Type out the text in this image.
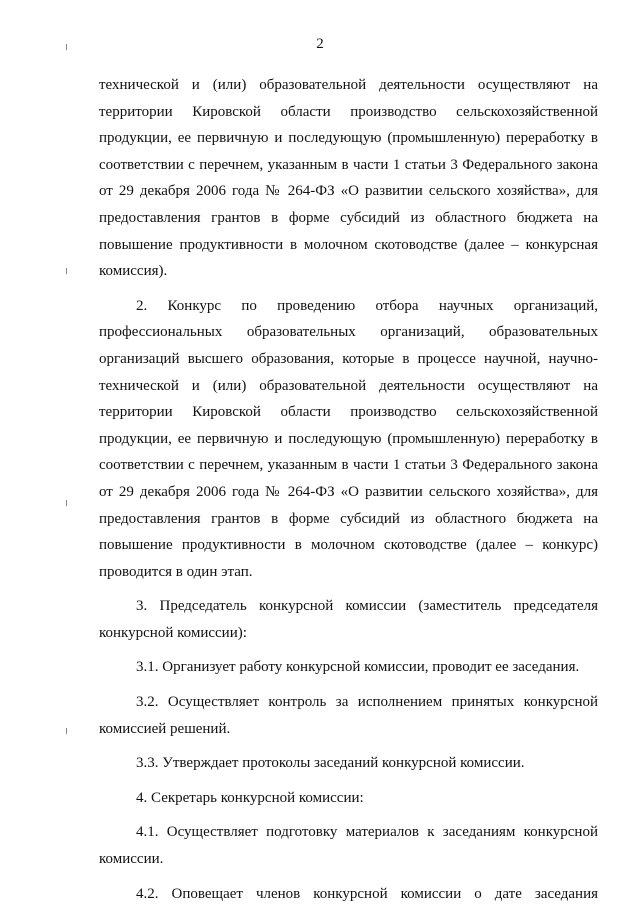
2

технической и (или) образовательной деятельности осуществляют на территории Кировской области производство сельскохозяйственной продукции, ее первичную и последующую (промышленную) переработку в соответствии с перечнем, указанным в части 1 статьи 3 Федерального закона от 29 декабря 2006 года № 264-ФЗ «О развитии сельского хозяйства», для предоставления грантов в форме субсидий из областного бюджета на повышение продуктивности в молочном скотоводстве (далее – конкурсная комиссия).

2. Конкурс по проведению отбора научных организаций, профессиональных образовательных организаций, образовательных организаций высшего образования, которые в процессе научной, научно-технической и (или) образовательной деятельности осуществляют на территории Кировской области производство сельскохозяйственной продукции, ее первичную и последующую (промышленную) переработку в соответствии с перечнем, указанным в части 1 статьи 3 Федерального закона от 29 декабря 2006 года № 264-ФЗ «О развитии сельского хозяйства», для предоставления грантов в форме субсидий из областного бюджета на повышение продуктивности в молочном скотоводстве (далее – конкурс) проводится в один этап.

3. Председатель конкурсной комиссии (заместитель председателя конкурсной комиссии):

3.1. Организует работу конкурсной комиссии, проводит ее заседания.

3.2. Осуществляет контроль за исполнением принятых конкурсной комиссией решений.

3.3. Утверждает протоколы заседаний конкурсной комиссии.

4. Секретарь конкурсной комиссии:

4.1. Осуществляет подготовку материалов к заседаниям конкурсной комиссии.

4.2. Оповещает членов конкурсной комиссии о дате заседания
